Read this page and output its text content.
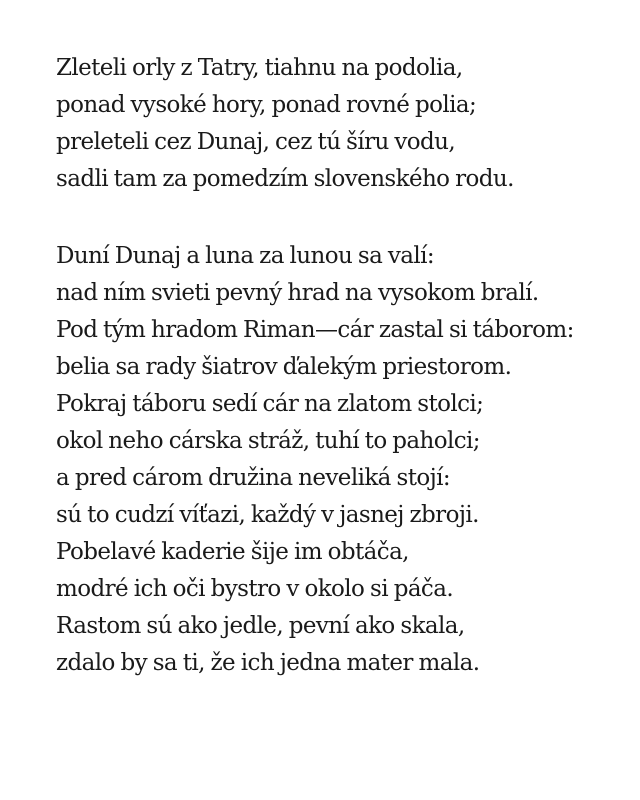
Zleteli orly z Tatry, tiahnu na podolia,
ponad vysoké hory, ponad rovné polia;
preleteli cez Dunaj, cez tú šíru vodu,
sadli tam za pomedzím slovenského rodu.
Duní Dunaj a luna za lunou sa valí:
nad ním svieti pevný hrad na vysokom bralí.
Pod tým hradom Riman—cár zastal si táborom:
belia sa rady šiatrov ďalekým priestorom.
Pokraj táboru sedí cár na zlatom stolci;
okol neho cárska stráž, tuhí to paholci;
a pred cárom družina neveliká stojí:
sú to cudzí víťazi, každý v jasnej zbroji.
Pobelavé kaderie šije im obtáča,
modré ich oči bystro v okolo si páča.
Rastom sú ako jedle, pevní ako skala,
zdalo by sa ti, že ich jedna mater mala.
